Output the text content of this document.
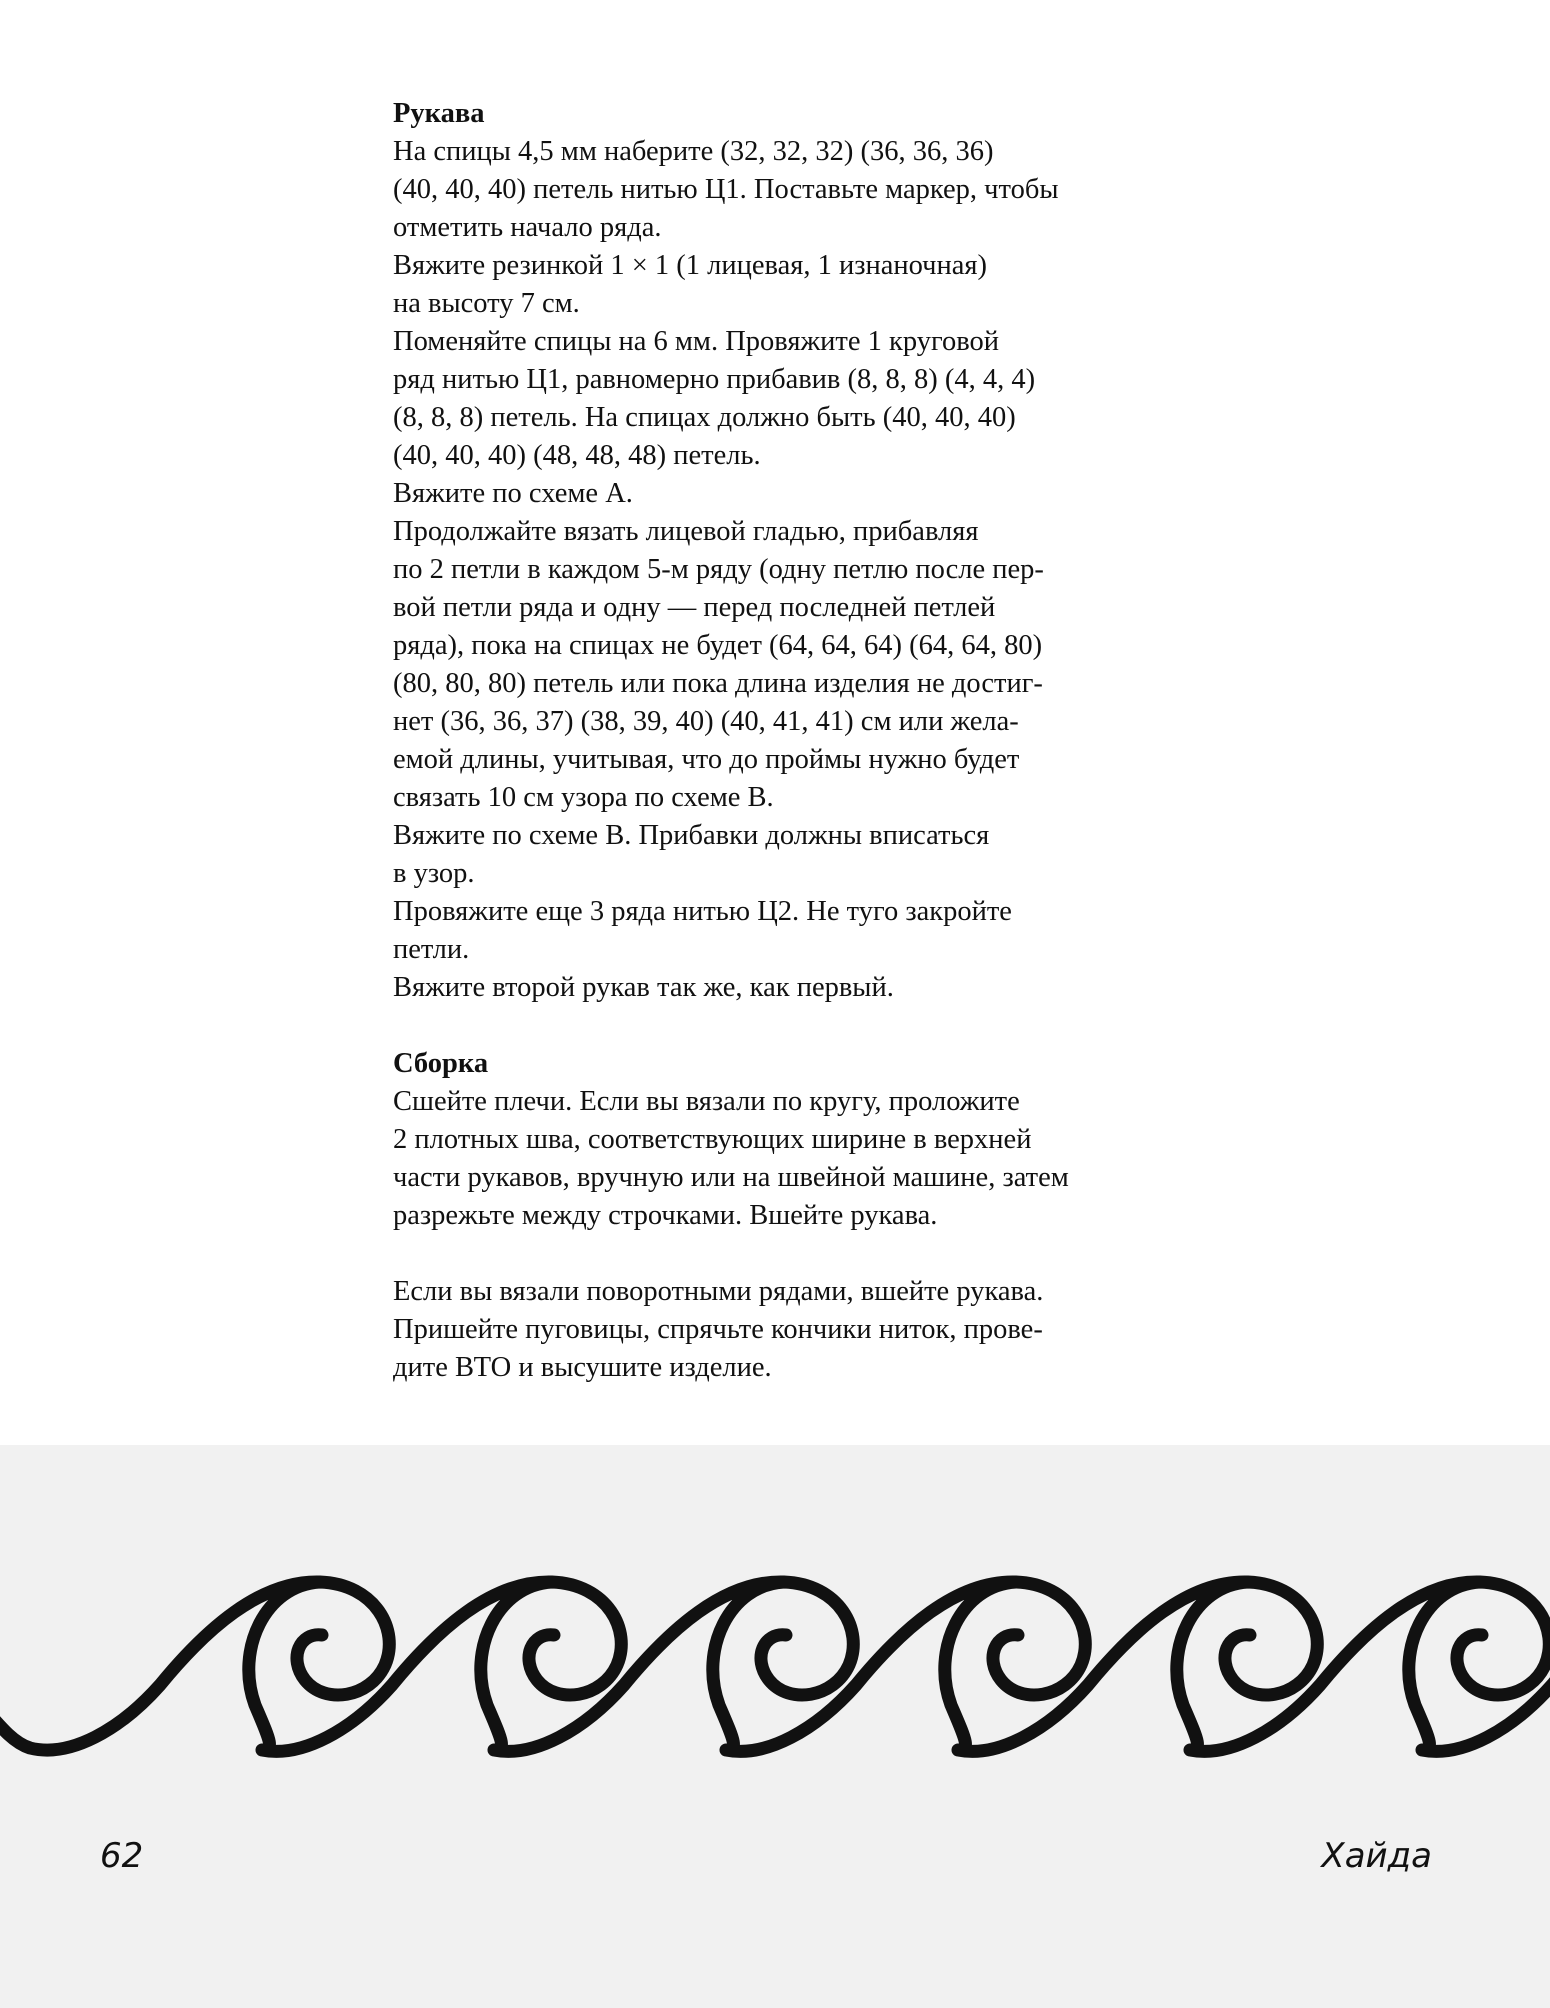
Рукава
На спицы 4,5 мм наберите (32, 32, 32) (36, 36, 36)
(40, 40, 40) петель нитью Ц1. Поставьте маркер, чтобы
отметить начало ряда.
Вяжите резинкой 1 × 1 (1 лицевая, 1 изнаночная)
на высоту 7 см.
Поменяйте спицы на 6 мм. Провяжите 1 круговой
ряд нитью Ц1, равномерно прибавив (8, 8, 8) (4, 4, 4)
(8, 8, 8) петель. На спицах должно быть (40, 40, 40)
(40, 40, 40) (48, 48, 48) петель.
Вяжите по схеме А.
Продолжайте вязать лицевой гладью, прибавляя
по 2 петли в каждом 5-м ряду (одну петлю после пер-
вой петли ряда и одну — перед последней петлей
ряда), пока на спицах не будет (64, 64, 64) (64, 64, 80)
(80, 80, 80) петель или пока длина изделия не достиг-
нет (36, 36, 37) (38, 39, 40) (40, 41, 41) см или жела-
емой длины, учитывая, что до проймы нужно будет
связать 10 см узора по схеме В.
Вяжите по схеме В. Прибавки должны вписаться
в узор.
Провяжите еще 3 ряда нитью Ц2. Не туго закройте
петли.
Вяжите второй рукав так же, как первый.
Сборка
Сшейте плечи. Если вы вязали по кругу, проложите
2 плотных шва, соответствующих ширине в верхней
части рукавов, вручную или на швейной машине, затем
разрежьте между строчками. Вшейте рукава.
Если вы вязали поворотными рядами, вшейте рукава.
Пришейте пуговицы, спрячьте кончики ниток, прове-
дите ВТО и высушите изделие.
62	Хайда
